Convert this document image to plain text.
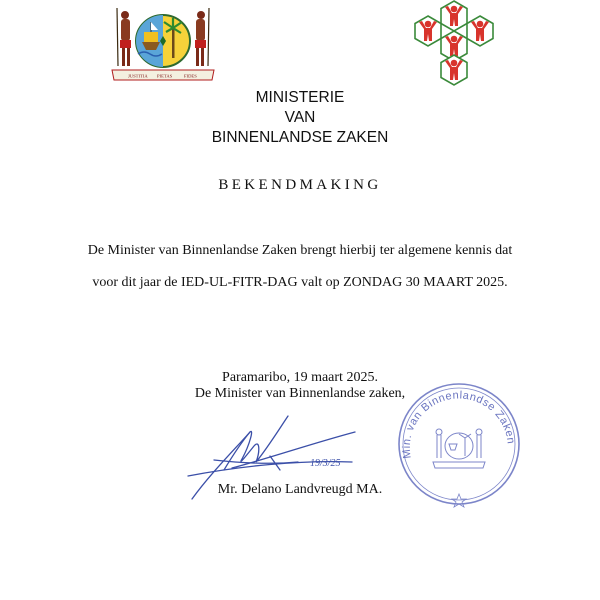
JUSTITIA PIETAS	FIDES
MINISTERIE
VAN
BINNENLANDSE ZAKEN
BEKENDMAKING
De Minister van Binnenlandse Zaken brengt hierbij ter algemene kennis dat
voor dit jaar de IED-UL-FITR-DAG valt op ZONDAG 30 MAART 2025.
Paramaribo, 19 maart 2025.
De Minister van Binnenlandse zaken,
19/3/25
Mr. Delano Landvreugd MA.
Min. van Binnenlandse Zaken
